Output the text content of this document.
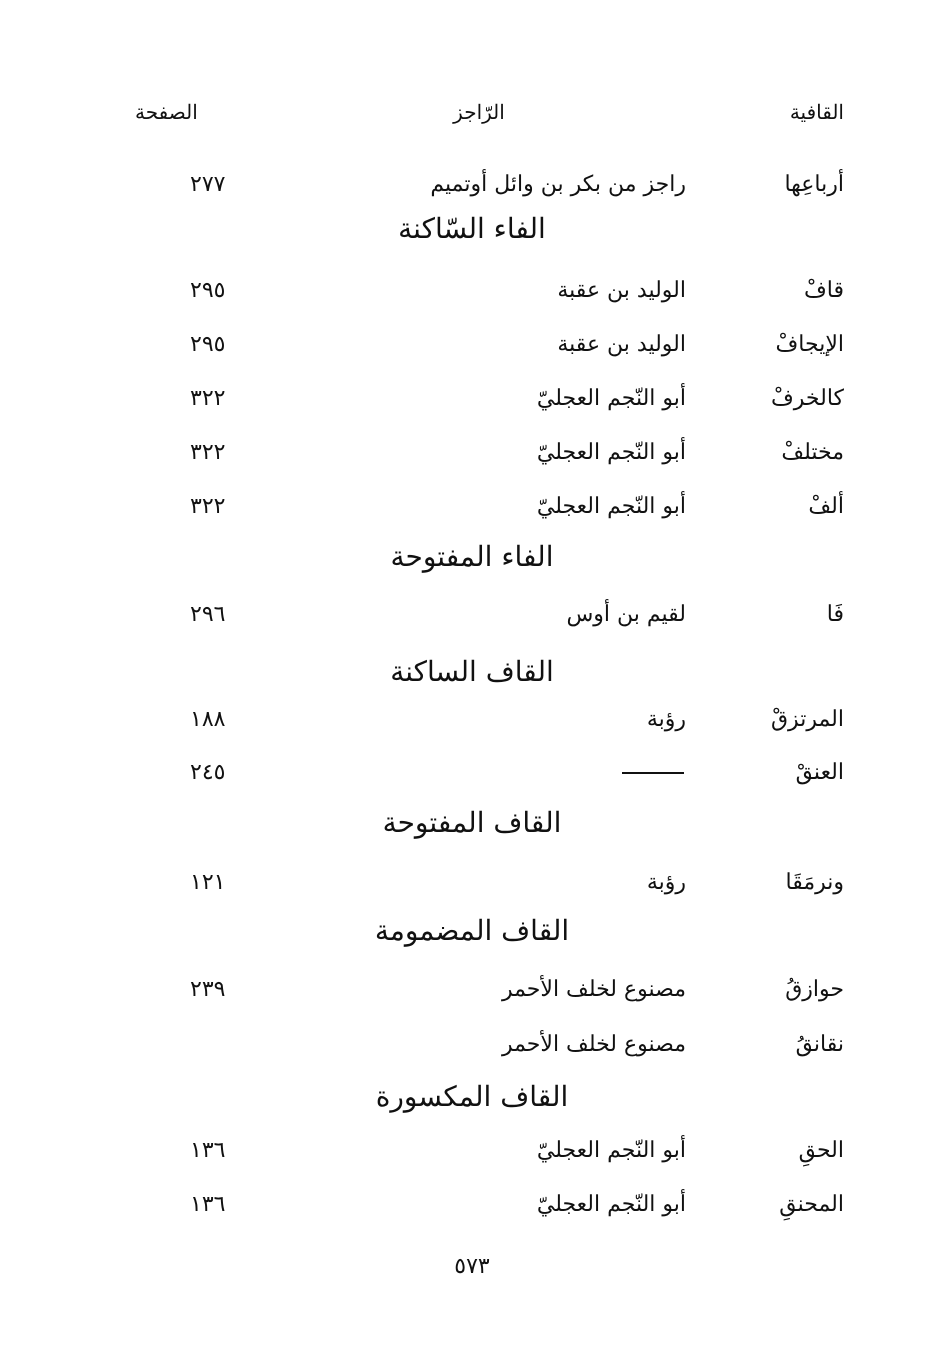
القافية
الرّاجز
الصفحة
أرباعِها
راجز من بكر بن وائل أوتميم
٢٧٧
الفاء السّاكنة
قافْ
الوليد بن عقبة
٢٩٥
الإيجافْ
الوليد بن عقبة
٢٩٥
كالخرفْ
أبو النّجم العجليّ
٣٢٢
مختلفْ
أبو النّجم العجليّ
٣٢٢
ألفْ
أبو النّجم العجليّ
٣٢٢
الفاء المفتوحة
فَا
لقيم بن أوس
٢٩٦
القاف الساكنة
المرتزقْ
رؤبة
١٨٨
العنقْ
٢٤٥
القاف المفتوحة
ونرمَقَا
رؤبة
١٢١
القاف المضمومة
حوازقُ
مصنوع لخلف الأحمر
٢٣٩
نقانقُ
مصنوع لخلف الأحمر
القاف المكسورة
الحقِ
أبو النّجم العجليّ
١٣٦
المحنقِ
أبو النّجم العجليّ
١٣٦
٥٧٣
